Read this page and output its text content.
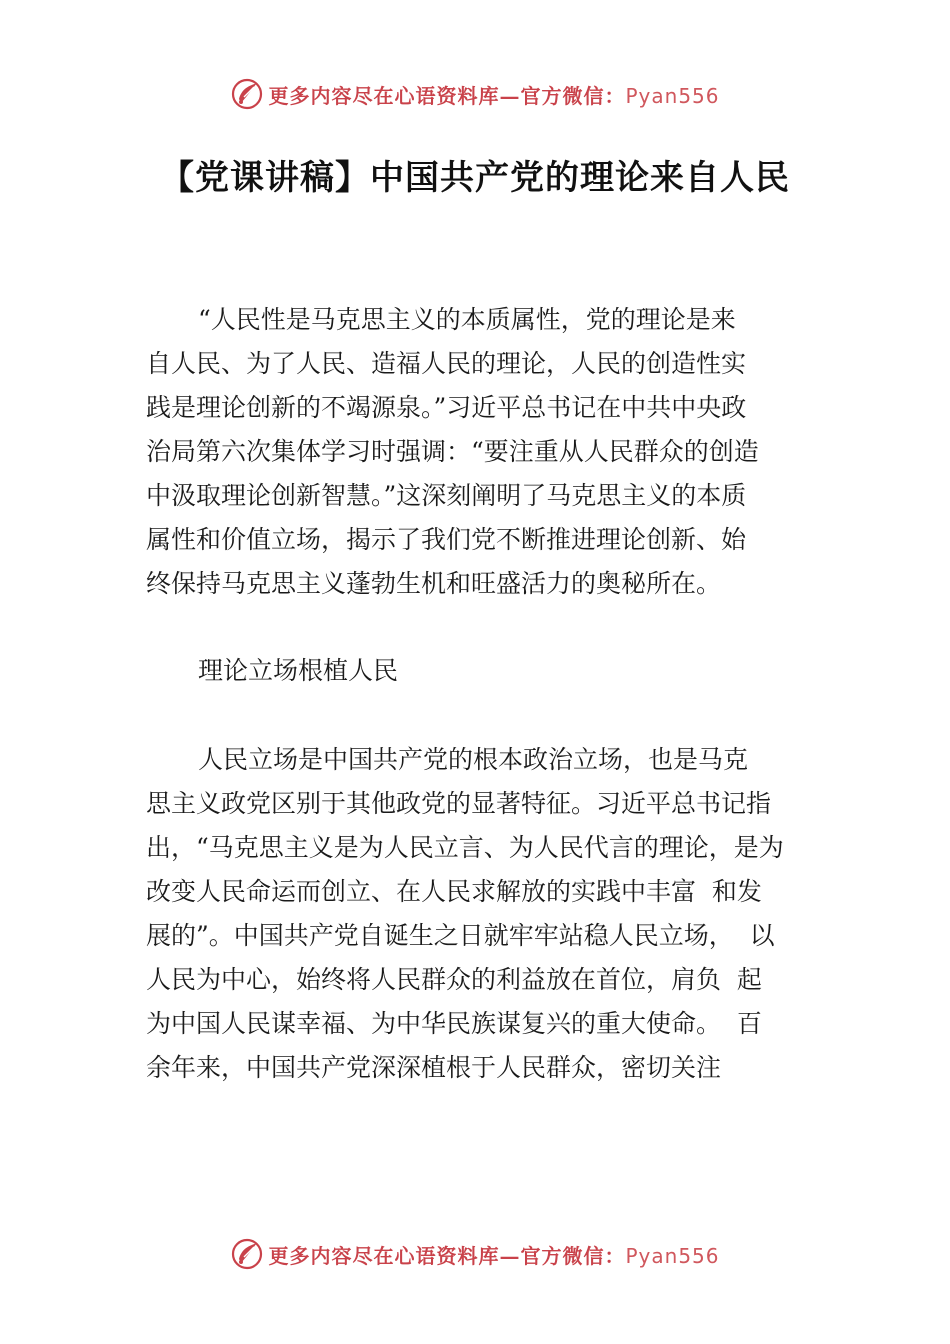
更多内容尽在心语资料库—官方微信：Pyan556
【党课讲稿】中国共产党的理论来自人民
“人民性是马克思主义的本质属性，党的理论是来
自人民、为了人民、造福人民的理论，人民的创造性实
践是理论创新的不竭源泉。”习近平总书记在中共中央政
治局第六次集体学习时强调：“要注重从人民群众的创造
中汲取理论创新智慧。”这深刻阐明了马克思主义的本质
属性和价值立场，揭示了我们党不断推进理论创新、始
终保持马克思主义蓬勃生机和旺盛活力的奥秘所在。
理论立场根植人民
人民立场是中国共产党的根本政治立场，也是马克
思主义政党区别于其他政党的显著特征。习近平总书记指
出，“马克思主义是为人民立言、为人民代言的理论，是为
改变人民命运而创立、在人民求解放的实践中丰富  和发
展的”。中国共产党自诞生之日就牢牢站稳人民立场，  以
人民为中心，始终将人民群众的利益放在首位，肩负  起
为中国人民谋幸福、为中华民族谋复兴的重大使命。  百
余年来，中国共产党深深植根于人民群众，密切关注
更多内容尽在心语资料库—官方微信：Pyan556
